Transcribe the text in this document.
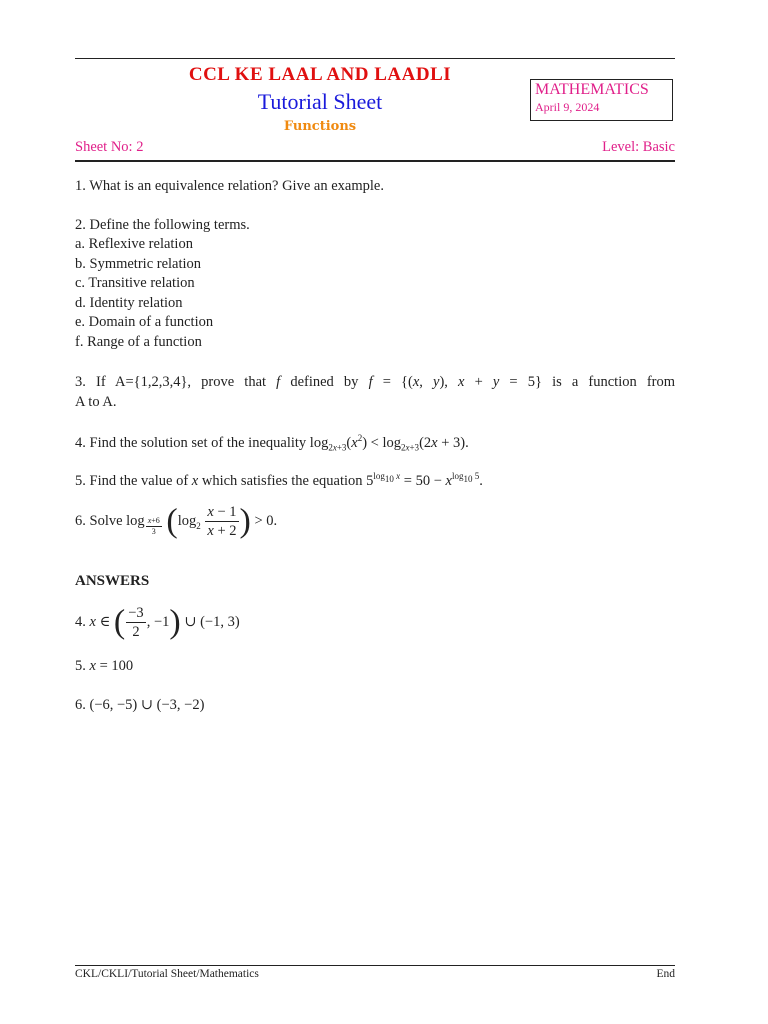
CCL KE LAAL AND LAADLI
Tutorial Sheet
Functions
MATHEMATICS
April 9, 2024
Sheet No: 2	Level: Basic
1. What is an equivalence relation? Give an example.
2. Define the following terms.
a. Reflexive relation
b. Symmetric relation
c. Transitive relation
d. Identity relation
e. Domain of a function
f. Range of a function
3. If A={1,2,3,4}, prove that f defined by f = {(x, y), x + y = 5} is a function from
A to A.
4. Find the solution set of the inequality $\log_{2x+3}(x^2) < \log_{2x+3}(2x + 3)$.
5. Find the value of x which satisfies the equation $5^{log_{10} x} = 50 - x^{log_{10} 5}$.
6. Solve log $_{\frac{x+6}{3}}$ ($\log_2 \frac{x - 1}{x + 2}$ ) > 0.
ANSWERS
4. x ∈ ( $\frac{-3}{2}$ , −1) ∪ (−1, 3)
5. x = 100
6. (−6, −5) ∪ (−3, −2)
CKL/CKLI/Tutorial Sheet/Mathematics	End
